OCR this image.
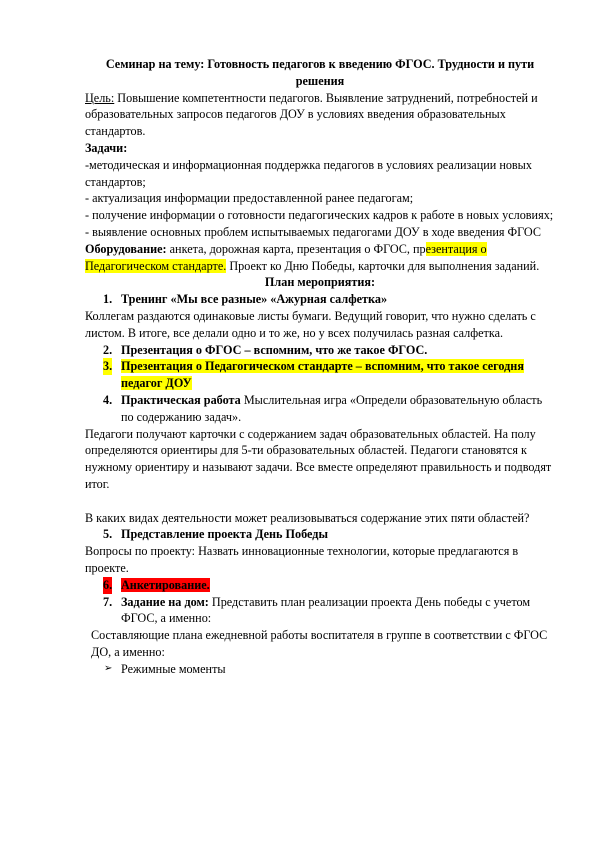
Семинар на тему: Готовность педагогов к введению ФГОС. Трудности и пути решения
Цель: Повышение компетентности педагогов. Выявление затруднений, потребностей и образовательных запросов педагогов ДОУ в условиях введения образовательных стандартов.
Задачи:
-методическая и информационная поддержка педагогов в условиях реализации новых стандартов;
- актуализация информации предоставленной ранее педагогам;
- получение информации о готовности педагогических кадров к работе в новых условиях;
- выявление основных проблем испытываемых педагогами ДОУ в ходе введения ФГОС
Оборудование: анкета, дорожная карта, презентация о ФГОС, презентация о Педагогическом стандарте. Проект ко Дню Победы, карточки для выполнения заданий.
План мероприятия:
1. Тренинг «Мы все разные» «Ажурная салфетка»
Коллегам раздаются одинаковые листы бумаги. Ведущий говорит, что нужно сделать с листом. В итоге, все делали одно и то же, но у всех получилась разная салфетка.
2. Презентация о ФГОС – вспомним, что же такое ФГОС.
3. Презентация о Педагогическом стандарте – вспомним, что такое сегодня педагог ДОУ
4. Практическая работа Мыслительная игра «Определи образовательную область по содержанию задач».
Педагоги получают карточки с содержанием задач образовательных областей. На полу определяются ориентиры для 5-ти образовательных областей. Педагоги становятся к нужному ориентиру и называют задачи. Все вместе определяют правильность и подводят итог.
В каких видах деятельности может реализовываться содержание этих пяти областей?
5. Представление проекта День Победы
Вопросы по проекту: Назвать инновационные технологии, которые предлагаются в проекте.
6. Анкетирование.
7. Задание на дом: Представить план реализации проекта День победы с учетом ФГОС, а именно:
Составляющие плана ежедневной работы воспитателя в группе в соответствии с ФГОС ДО, а именно:
➢ Режимные моменты
